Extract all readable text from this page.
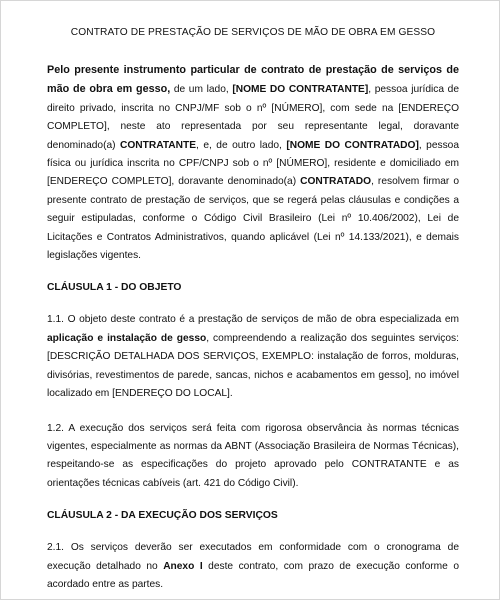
CONTRATO DE PRESTAÇÃO DE SERVIÇOS DE MÃO DE OBRA EM GESSO

Pelo presente instrumento particular de contrato de prestação de serviços de mão de obra em gesso, de um lado, [NOME DO CONTRATANTE], pessoa jurídica de direito privado, inscrita no CNPJ/MF sob o nº [NÚMERO], com sede na [ENDEREÇO COMPLETO], neste ato representada por seu representante legal, doravante denominado(a) CONTRATANTE, e, de outro lado, [NOME DO CONTRATADO], pessoa física ou jurídica inscrita no CPF/CNPJ sob o nº [NÚMERO], residente e domiciliado em [ENDEREÇO COMPLETO], doravante denominado(a) CONTRATADO, resolvem firmar o presente contrato de prestação de serviços, que se regerá pelas cláusulas e condições a seguir estipuladas, conforme o Código Civil Brasileiro (Lei nº 10.406/2002), Lei de Licitações e Contratos Administrativos, quando aplicável (Lei nº 14.133/2021), e demais legislações vigentes.

CLÁUSULA 1 - DO OBJETO

1.1. O objeto deste contrato é a prestação de serviços de mão de obra especializada em aplicação e instalação de gesso, compreendendo a realização dos seguintes serviços: [DESCRIÇÃO DETALHADA DOS SERVIÇOS, EXEMPLO: instalação de forros, molduras, divisórias, revestimentos de parede, sancas, nichos e acabamentos em gesso], no imóvel localizado em [ENDEREÇO DO LOCAL].

1.2. A execução dos serviços será feita com rigorosa observância às normas técnicas vigentes, especialmente as normas da ABNT (Associação Brasileira de Normas Técnicas), respeitando-se as especificações do projeto aprovado pelo CONTRATANTE e as orientações técnicas cabíveis (art. 421 do Código Civil).

CLÁUSULA 2 - DA EXECUÇÃO DOS SERVIÇOS

2.1. Os serviços deverão ser executados em conformidade com o cronograma de execução detalhado no Anexo I deste contrato, com prazo de execução conforme o acordado entre as partes.
